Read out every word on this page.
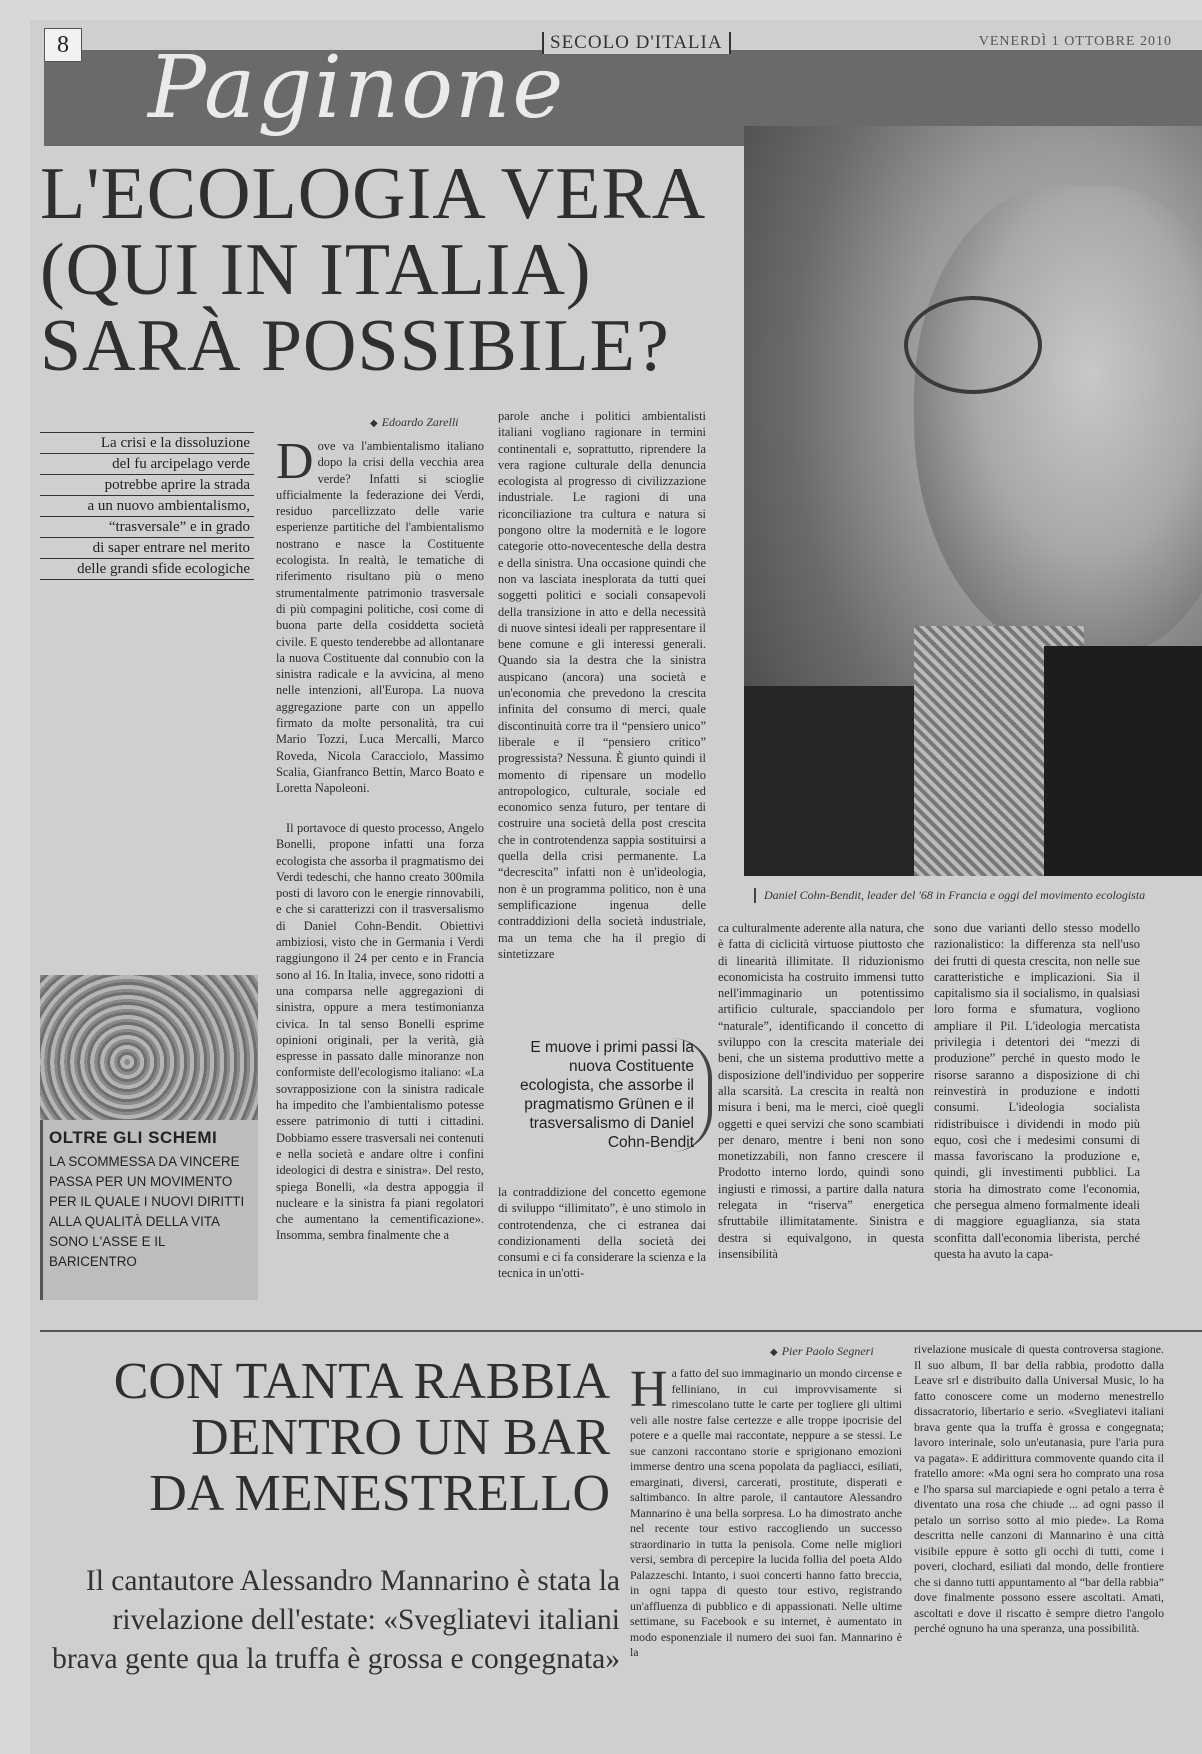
8	SECOLO D'ITALIA	VENERDÌ 1 OTTOBRE 2010
Paginone
Daniel Cohn-Bendit, leader del '68 in Francia e oggi del movimento ecologista
L'ECOLOGIA VERA
(QUI IN ITALIA)
SARÀ POSSIBILE?
La crisi e la dissoluzione
del fu arcipelago verde
potrebbe aprire la strada
a un nuovo ambientalismo,
“trasversale” e in grado
di saper entrare nel merito
delle grandi sfide ecologiche
◆ Edoardo Zarelli
Dove va l'ambientalismo italiano dopo la crisi della vecchia area verde? Infatti si scioglie ufficialmente la federazione dei Verdi, residuo parcellizzato delle varie esperienze partitiche del l'ambientalismo nostrano e nasce la Costituente ecologista. In realtà, le tematiche di riferimento risultano più o meno strumentalmente patrimonio trasversale di più compagini politiche, così come di buona parte della cosiddetta società civile. E questo tenderebbe ad allontanare la nuova Costituente dal connubio con la sinistra radicale e la avvicina, al meno nelle intenzioni, all'Europa. La nuova aggregazione parte con un appello firmato da molte personalità, tra cui Mario Tozzi, Luca Mercalli, Marco Roveda, Nicola Caracciolo, Massimo Scalia, Gianfranco Bettin, Marco Boato e Loretta Napoleoni.
Il portavoce di questo processo, Angelo Bonelli, propone infatti una forza ecologista che assorba il pragmatismo dei Verdi tedeschi, che hanno creato 300mila posti di lavoro con le energie rinnovabili, e che si caratterizzi con il trasversalismo di Daniel Cohn-Bendit. Obiettivi ambiziosi, visto che in Germania i Verdi raggiungono il 24 per cento e in Francia sono al 16. In Italia, invece, sono ridotti a una comparsa nelle aggregazioni di sinistra, oppure a mera testimonianza civica. In tal senso Bonelli esprime opinioni originali, per la verità, già espresse in passato dalle minoranze non conformiste dell'ecologismo italiano: «La sovrapposizione con la sinistra radicale ha impedito che l'ambientalismo potesse essere patrimonio di tutti i cittadini. Dobbiamo essere trasversali nei contenuti e nella società e andare oltre i confini ideologici di destra e sinistra». Del resto, spiega Bonelli, «la destra appoggia il nucleare e la sinistra fa piani regolatori che aumentano la cementificazione». Insomma, sembra finalmente che a
parole anche i politici ambientalisti italiani vogliano ragionare in termini continentali e, soprattutto, riprendere la vera ragione culturale della denuncia ecologista al progresso di civilizzazione industriale. Le ragioni di una riconciliazione tra cultura e natura si pongono oltre la modernità e le logore categorie otto-novecentesche della destra e della sinistra. Una occasione quindi che non va lasciata inesplorata da tutti quei soggetti politici e sociali consapevoli della transizione in atto e della necessità di nuove sintesi ideali per rappresentare il bene comune e gli interessi generali. Quando sia la destra che la sinistra auspicano (ancora) una società e un'economia che prevedono la crescita infinita del consumo di merci, quale discontinuità corre tra il “pensiero unico” liberale e il “pensiero critico” progressista? Nessuna. È giunto quindi il momento di ripensare un modello antropologico, culturale, sociale ed economico senza futuro, per tentare di costruire una società della post crescita che in controtendenza sappia sostituirsi a quella della crisi permanente. La “decrescita” infatti non è un'ideologia, non è un programma politico, non è una semplificazione ingenua delle contraddizioni della società industriale, ma un tema che ha il pregio di sintetizzare
la contraddizione del concetto egemone di sviluppo “illimitato”, è uno stimolo in controtendenza, che ci estranea dai condizionamenti della società dei consumi e ci fa considerare la scienza e la tecnica in un'otti-
ca culturalmente aderente alla natura, che è fatta di ciclicità virtuose piuttosto che di linearità illimitate. Il riduzionismo economicista ha costruito immensi tutto nell'immaginario un potentissimo artificio culturale, spacciandolo per “naturale”, identificando il concetto di sviluppo con la crescita materiale dei beni, che un sistema produttivo mette a disposizione dell'individuo per sopperire alla scarsità. La crescita in realtà non misura i beni, ma le merci, cioè quegli oggetti e quei servizi che sono scambiati per denaro, mentre i beni non sono monetizzabili, non fanno crescere il Prodotto interno lordo, quindi sono ingiusti e rimossi, a partire dalla natura relegata in “riserva” energetica sfruttabile illimitatamente. Sinistra e destra si equivalgono, in questa insensibilità
sono due varianti dello stesso modello razionalistico: la differenza sta nell'uso dei frutti di questa crescita, non nelle sue caratteristiche e implicazioni. Sia il capitalismo sia il socialismo, in qualsiasi loro forma e sfumatura, vogliono ampliare il Pil. L'ideologia mercatista privilegia i detentori dei “mezzi di produzione” perché in questo modo le risorse saranno a disposizione di chi reinvestirà in produzione e indotti consumi. L'ideologia socialista ridistribuisce i dividendi in modo più equo, così che i medesimi consumi di massa favoriscano la produzione e, quindi, gli investimenti pubblici. La storia ha dimostrato come l'economia, che persegua almeno formalmente ideali di maggiore eguaglianza, sia stata sconfitta dall'economia liberista, perché questa ha avuto la capa-
OLTRE GLI SCHEMI

LA SCOMMESSA DA VINCERE PASSA PER UN MOVIMENTO PER IL QUALE I NUOVI DIRITTI ALLA QUALITÀ DELLA VITA SONO L'ASSE E IL BARICENTRO

E muove i primi passi la nuova Costituente ecologista, che assorbe il pragmatismo Grünen e il trasversalismo di Daniel Cohn-Bendit
CON TANTA RABBIA
DENTRO UN BAR
DA MENESTRELLO
Il cantautore Alessandro Mannarino è stata la rivelazione dell'estate: «Svegliatevi italiani brava gente qua la truffa è grossa e congegnata»
◆ Pier Paolo Segneri
Ha fatto del suo immaginario un mondo circense e felliniano, in cui improvvisamente si rimescolano tutte le carte per togliere gli ultimi veli alle nostre false certezze e alle troppe ipocrisie del potere e a quelle mai raccontate, neppure a se stessi. Le sue canzoni raccontano storie e sprigionano emozioni immerse dentro una scena popolata da pagliacci, esiliati, emarginati, diversi, carcerati, prostitute, disperati e saltimbanco. In altre parole, il cantautore Alessandro Mannarino è una bella sorpresa. Lo ha dimostrato anche nel recente tour estivo raccogliendo un successo straordinario in tutta la penisola. Come nelle migliori versi, sembra di percepire la lucida follia del poeta Aldo Palazzeschi. Intanto, i suoi concerti hanno fatto breccia, in ogni tappa di questo tour estivo, registrando un'affluenza di pubblico e di appassionati. Nelle ultime settimane, su Facebook e su internet, è aumentato in modo esponenziale il numero dei suoi fan. Mannarino è la
rivelazione musicale di questa controversa stagione. Il suo album, Il bar della rabbia, prodotto dalla Leave srl e distribuito dalla Universal Music, lo ha fatto conoscere come un moderno menestrello dissacratorio, libertario e serio. «Svegliatevi italiani brava gente qua la truffa è grossa e congegnata; lavoro interinale, solo un'eutanasia, pure l'aria pura va pagata». E addirittura commovente quando cita il fratello amore: «Ma ogni sera ho comprato una rosa e l'ho sparsa sul marciapiede e ogni petalo a terra è diventato una rosa che chiude ... ad ogni passo il petalo un sorriso sotto al mio piede». La Roma descritta nelle canzoni di Mannarino è una città visibile eppure è sotto gli occhi di tutti, come i poveri, clochard, esiliati dal mondo, delle frontiere che si danno tutti appuntamento al “bar della rabbia” dove finalmente possono essere ascoltati. Amati, ascoltati e dove il riscatto è sempre dietro l'angolo perché ognuno ha una speranza, una possibilità.
